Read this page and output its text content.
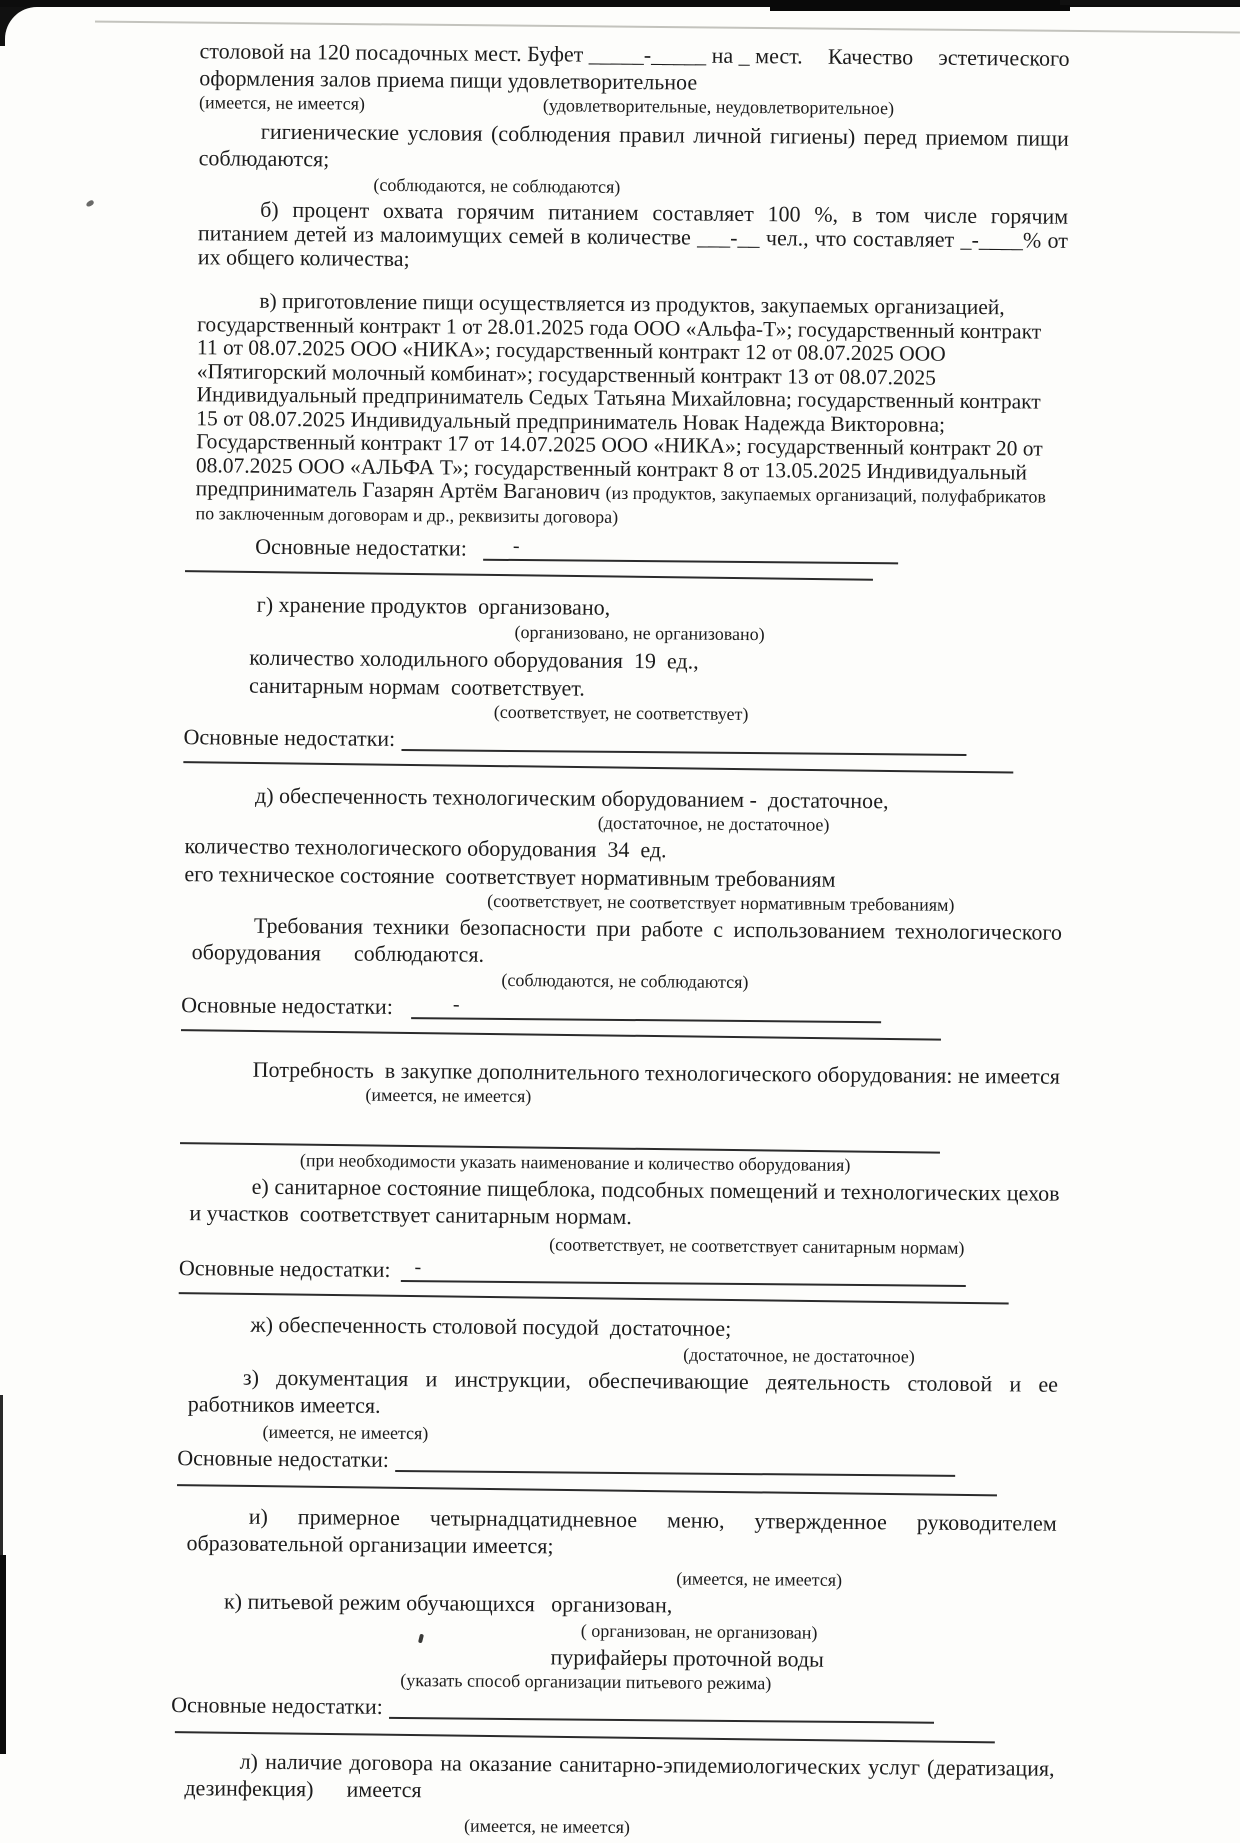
столовой на 120 посадочных мест. Буфет _____-_____ на _ мест. Качество эстетического
оформления залов приема пищи удовлетворительное
(имеется, не имеется)	(удовлетворительные, неудовлетворительное)

гигиенические условия (соблюдения правил личной гигиены) перед приемом пищи соблюдаются;

(соблюдаются, не соблюдаются)

б) процент охвата горячим питанием составляет 100 %, в том числе горячим питанием детей из малоимущих семей в количестве ___-__ чел., что составляет _-____% от их общего количества;

в) приготовление пищи осуществляется из продуктов, закупаемых организацией, государственный контракт 1 от 28.01.2025 года ООО «Альфа-Т»; государственный контракт 11 от 08.07.2025 ООО «НИКА»; государственный контракт 12 от 08.07.2025 ООО «Пятигорский молочный комбинат»; государственный контракт 13 от 08.07.2025 Индивидуальный предприниматель Седых Татьяна Михайловна; государственный контракт 15 от 08.07.2025 Индивидуальный предприниматель Новак Надежда Викторовна; Государственный контракт 17 от 14.07.2025 ООО «НИКА»; государственный контракт 20 от 08.07.2025 ООО «АЛЬФА Т»; государственный контракт 8 от 13.05.2025 Индивидуальный предприниматель Газарян Артём Ваганович (из продуктов, закупаемых организаций, полуфабрикатов по заключенным договорам и др., реквизиты договора)

Основные недостатки: -
г) хранение продуктов  организовано,
(организовано, не организовано)
количество холодильного оборудования  19  ед.,
санитарным нормам  соответствует.
(соответствует, не соответствует)
Основные недостатки:
д) обеспеченность технологическим оборудованием -  достаточное,
(достаточное, не достаточное)
количество технологического оборудования  34  ед.
его техническое состояние  соответствует нормативным требованиям
(соответствует, не соответствует нормативным требованиям)

Требования техники безопасности при работе с использованием технологического оборудования      соблюдаются.

(соблюдаются, не соблюдаются)
Основные недостатки:	-
Потребность  в закупке дополнительного технологического оборудования: не имеется
(имеется, не имеется)
(при необходимости указать наименование и количество оборудования)

е) санитарное состояние пищеблока, подсобных помещений и технологических цехов и участков  соответствует санитарным нормам.

(соответствует, не соответствует санитарным нормам)
Основные недостатки: -
ж) обеспеченность столовой посудой  достаточное;
(достаточное, не достаточное)

з) документация и инструкции, обеспечивающие деятельность столовой и ее работников имеется.

(имеется, не имеется)
Основные недостатки:

и) примерное четырнадцатидневное меню, утвержденное руководителем образовательной организации имеется;

(имеется, не имеется)
к) питьевой режим обучающихся   организован,
( организован, не организован)
пурифайеры проточной воды
(указать способ организации питьевого режима)
Основные недостатки:

л) наличие договора на оказание санитарно-эпидемиологических услуг (дератизация, дезинфекция)      имеется

(имеется, не имеется)
